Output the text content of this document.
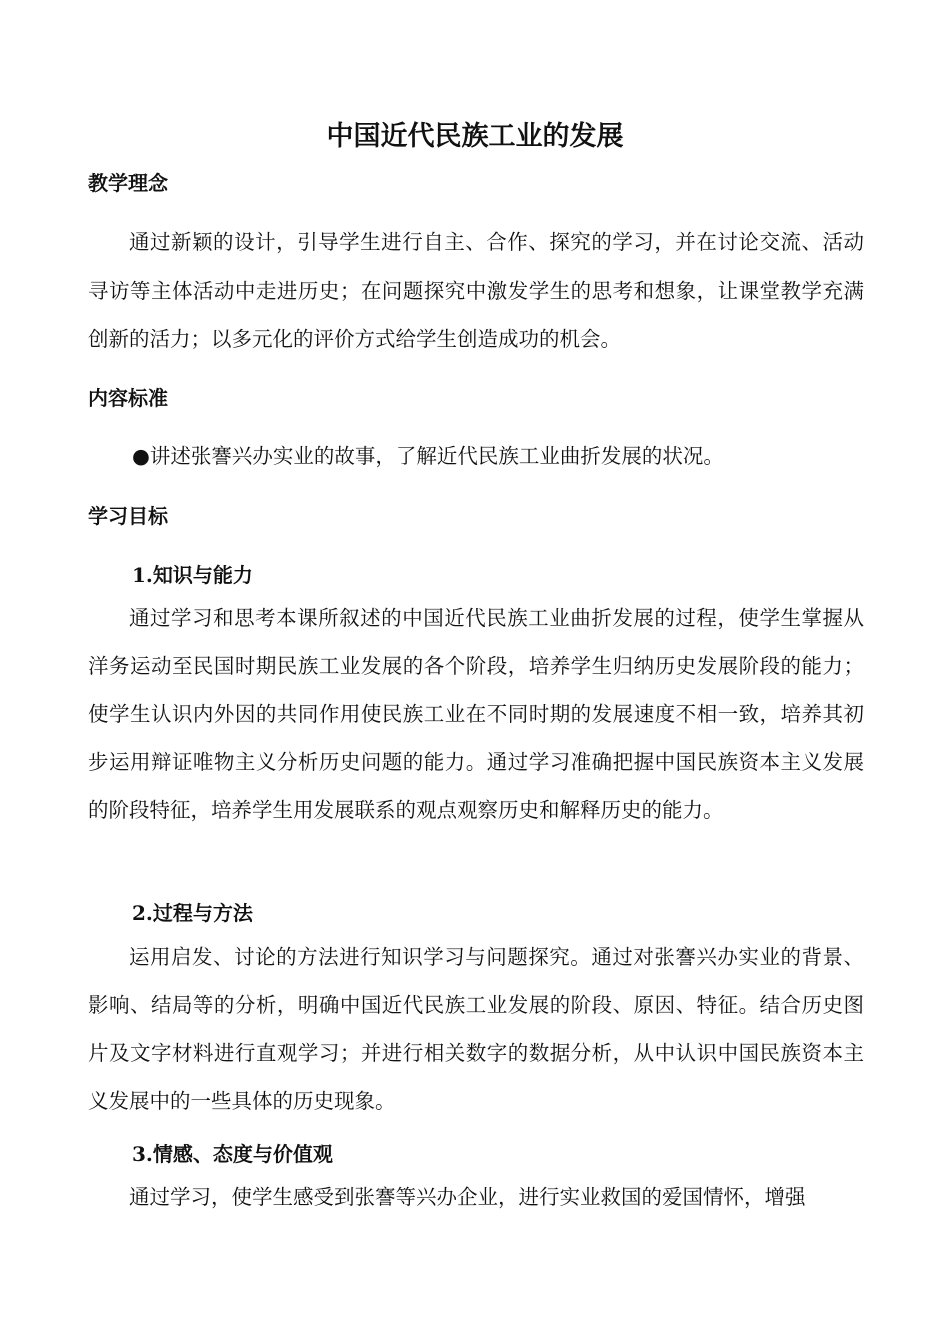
中国近代民族工业的发展
教学理念

通过新颖的设计，引导学生进行自主、合作、探究的学习，并在讨论交流、活动寻访等主体活动中走进历史；在问题探究中激发学生的思考和想象，让课堂教学充满创新的活力；以多元化的评价方式给学生创造成功的机会。

内容标准
●讲述张謇兴办实业的故事，了解近代民族工业曲折发展的状况。
学习目标
1.知识与能力

通过学习和思考本课所叙述的中国近代民族工业曲折发展的过程，使学生掌握从洋务运动至民国时期民族工业发展的各个阶段，培养学生归纳历史发展阶段的能力；使学生认识内外因的共同作用使民族工业在不同时期的发展速度不相一致，培养其初步运用辩证唯物主义分析历史问题的能力。通过学习准确把握中国民族资本主义发展的阶段特征，培养学生用发展联系的观点观察历史和解释历史的能力。

2.过程与方法

运用启发、讨论的方法进行知识学习与问题探究。通过对张謇兴办实业的背景、影响、结局等的分析，明确中国近代民族工业发展的阶段、原因、特征。结合历史图片及文字材料进行直观学习；并进行相关数字的数据分析，从中认识中国民族资本主义发展中的一些具体的历史现象。

3.情感、态度与价值观

通过学习，使学生感受到张謇等兴办企业，进行实业救国的爱国情怀，增强
